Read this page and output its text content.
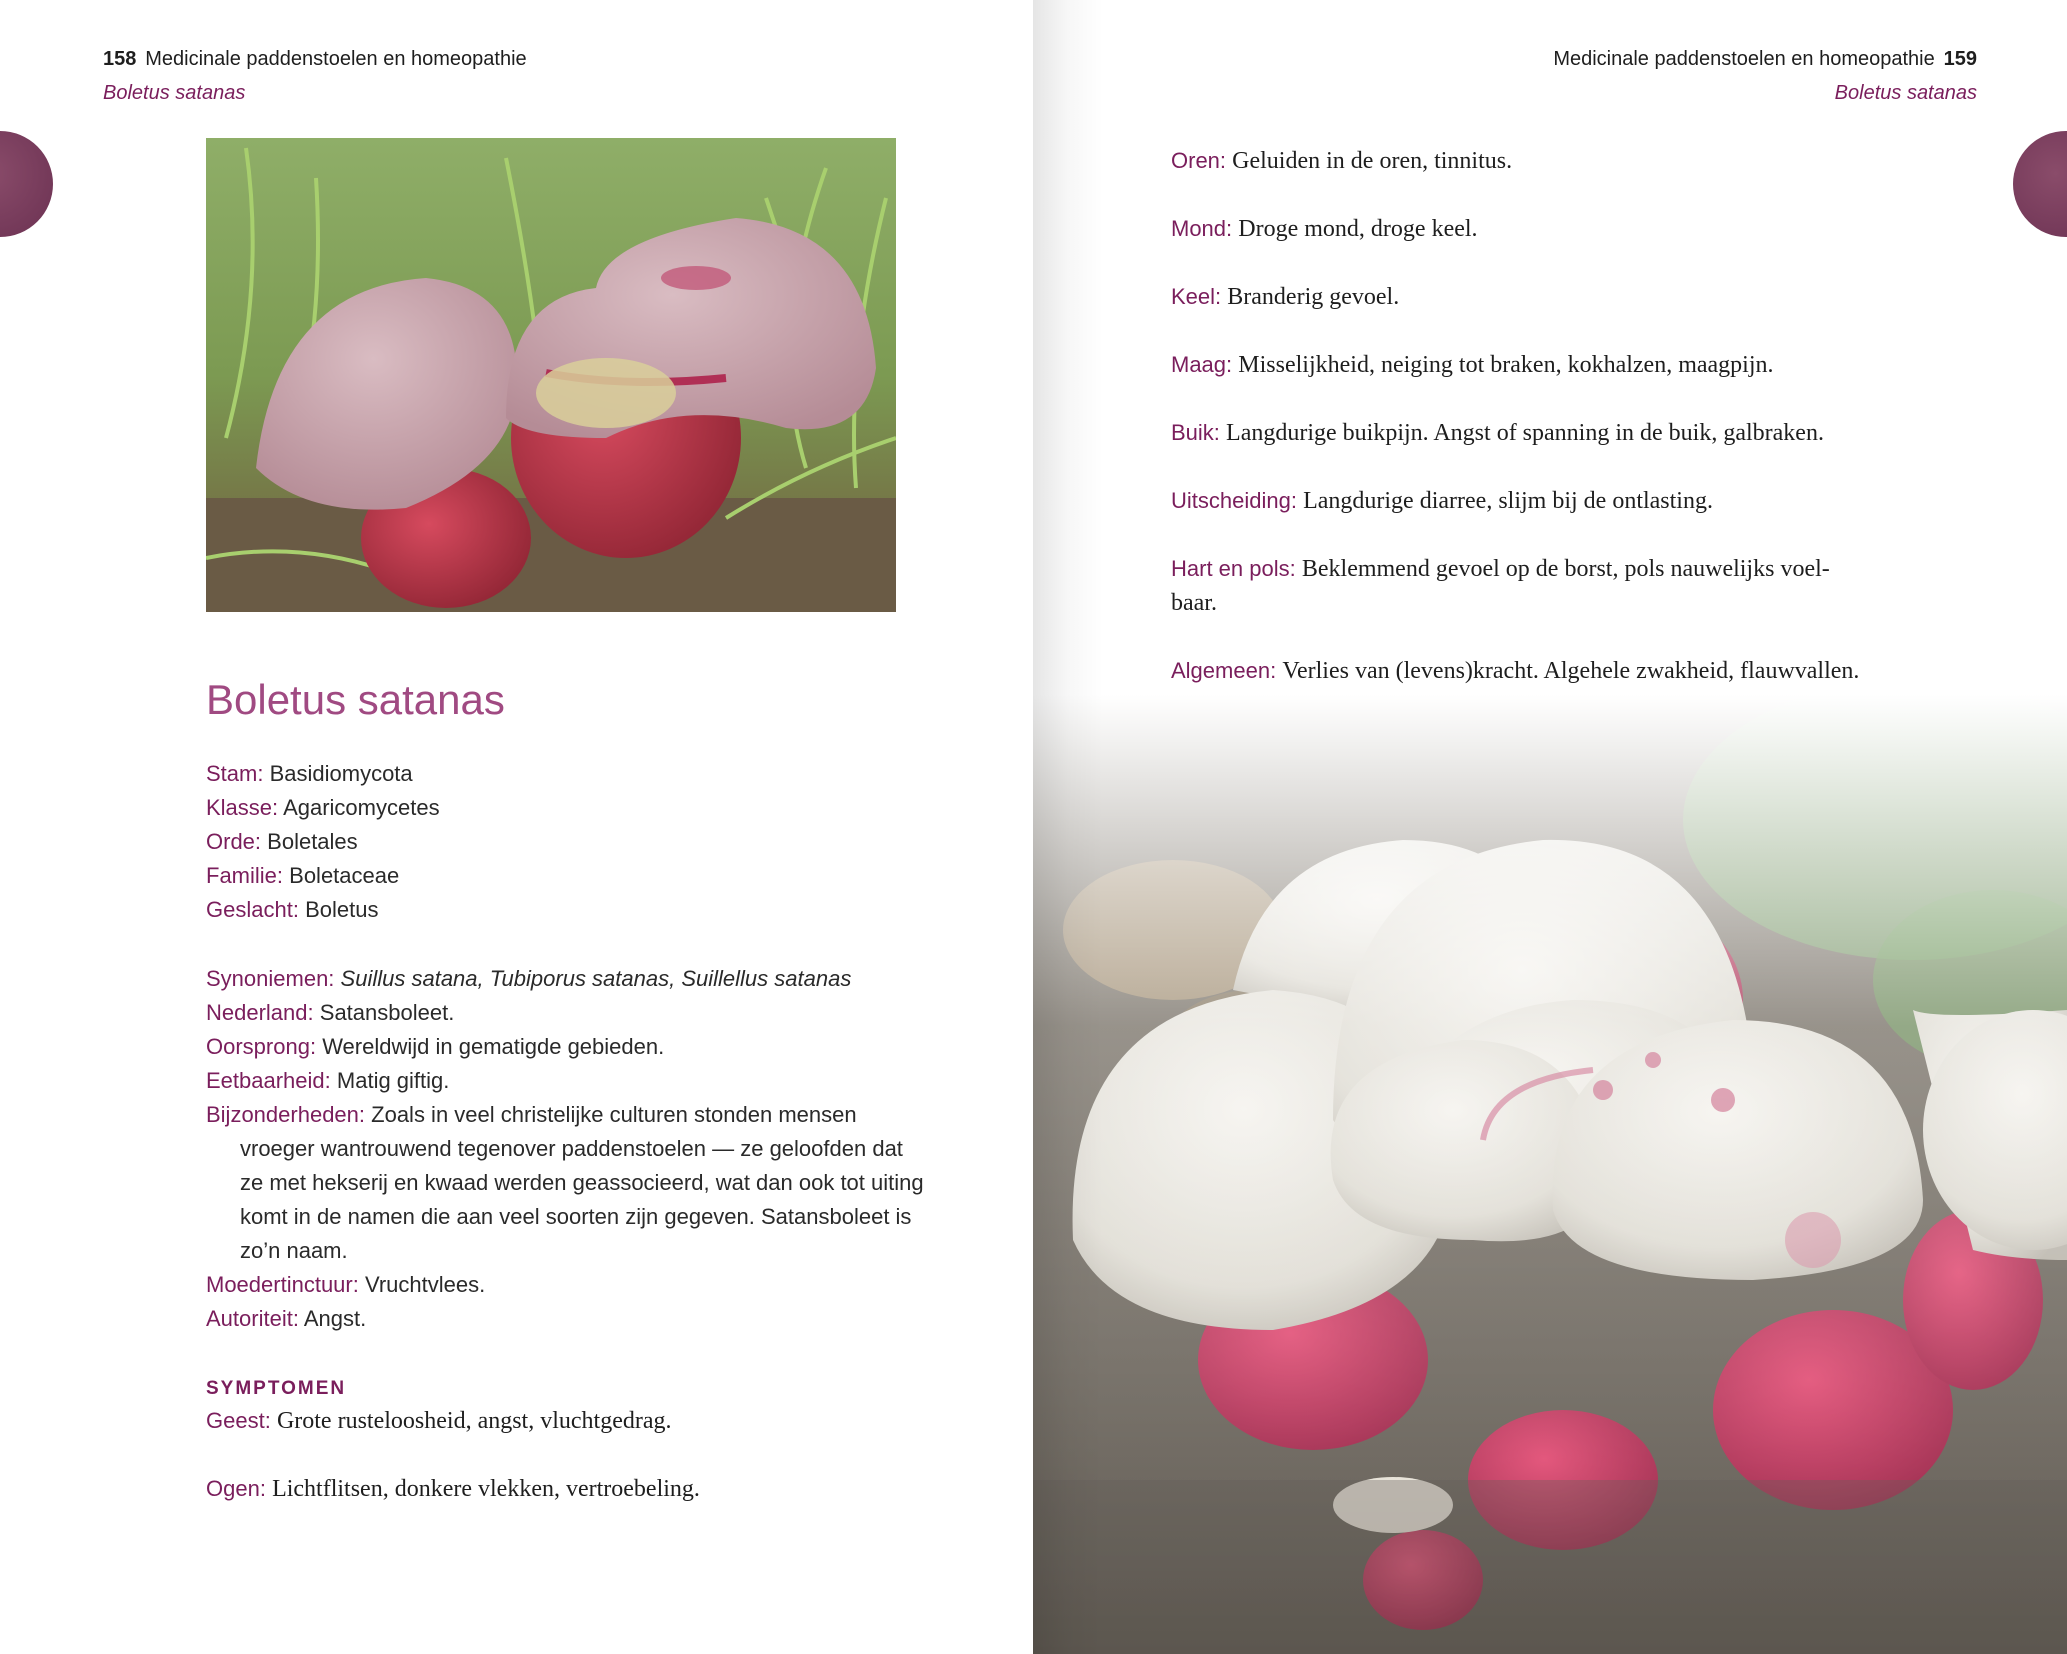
158 Medicinale paddenstoelen en homeopathie
Boletus satanas
Boletus satanas
Stam: Basidiomycota
Klasse: Agaricomycetes
Orde: Boletales
Familie: Boletaceae
Geslacht: Boletus
Synoniemen: Suillus satana, Tubiporus satanas, Suillellus satanas
Nederland: Satansboleet.
Oorsprong: Wereldwijd in gematigde gebieden.
Eetbaarheid: Matig giftig.
Bijzonderheden: Zoals in veel christelijke culturen stonden mensen
vroeger wantrouwend tegenover paddenstoelen — ze geloofden dat
ze met hekserij en kwaad werden geassocieerd, wat dan ook tot uiting
komt in de namen die aan veel soorten zijn gegeven. Satansboleet is
zo’n naam.
Moedertinctuur: Vruchtvlees.
Autoriteit: Angst.
SYMPTOMEN
Geest: Grote rusteloosheid, angst, vluchtgedrag.
Ogen: Lichtflitsen, donkere vlekken, vertroebeling.
Medicinale paddenstoelen en homeopathie 159
Boletus satanas
Oren: Geluiden in de oren, tinnitus.
Mond: Droge mond, droge keel.
Keel: Branderig gevoel.
Maag: Misselijkheid, neiging tot braken, kokhalzen, maagpijn.
Buik: Langdurige buikpijn. Angst of spanning in de buik, galbraken.
Uitscheiding: Langdurige diarree, slijm bij de ontlasting.
Hart en pols: Beklemmend gevoel op de borst, pols nauwelijks voel-
baar.
Algemeen: Verlies van (levens)kracht. Algehele zwakheid, flauwvallen.
